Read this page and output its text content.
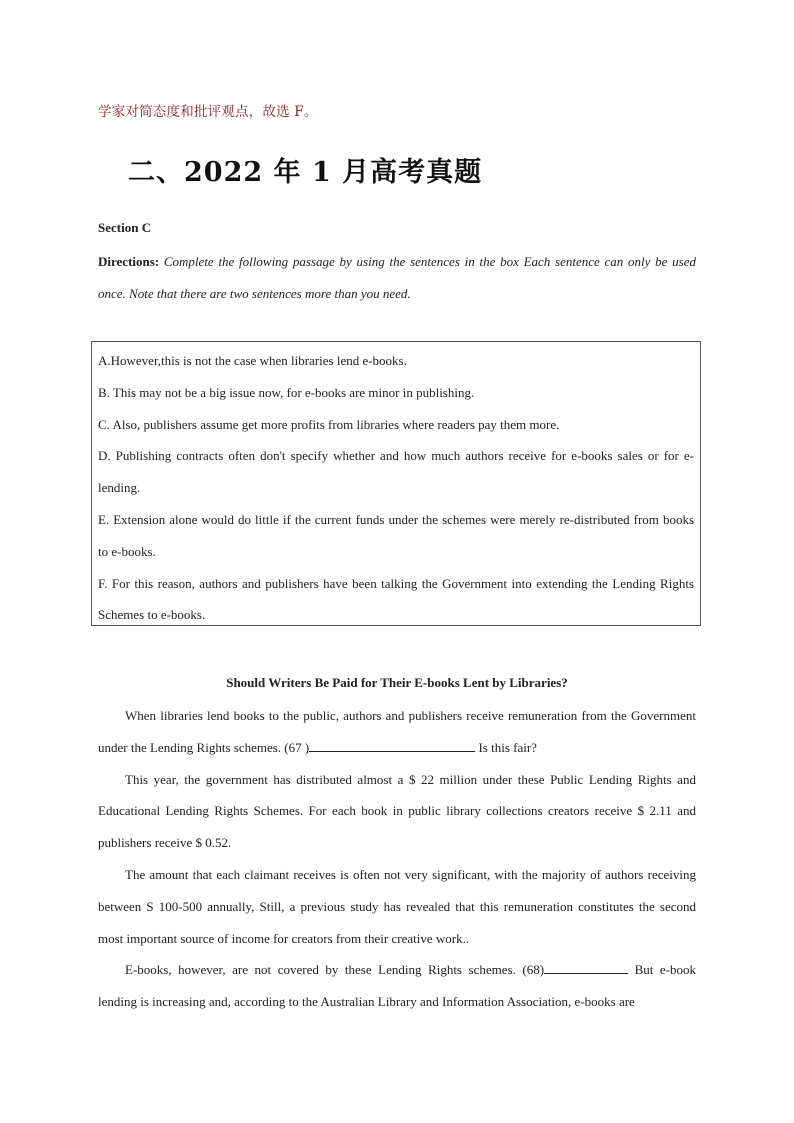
学家对简态度和批评观点，故选 F。
二、2022 年 1 月高考真题
Section C
Directions: Complete the following passage by using the sentences in the box Each sentence can only be used once. Note that there are two sentences more than you need.

A.However,this is not the case when libraries lend e-books.

B. This may not be a big issue now, for e-books are minor in publishing.

C. Also, publishers assume get more profits from libraries where readers pay them more.

D. Publishing contracts often don't specify whether and how much authors receive for e-books sales or for e-lending.

E. Extension alone would do little if the current funds under the schemes were merely re-distributed from books to e-books.

F. For this reason, authors and publishers have been talking the Government into extending the Lending Rights Schemes to e-books.

Should Writers Be Paid for Their E-books Lent by Libraries?

When libraries lend books to the public, authors and publishers receive remuneration from the Government under the Lending Rights schemes. (67 )	Is this fair?

This year, the government has distributed almost a $ 22 million under these Public Lending Rights and Educational Lending Rights Schemes. For each book in public library collections creators receive $ 2.11 and publishers receive $ 0.52.

The amount that each claimant receives is often not very significant, with the majority of authors receiving between S 100-500 annually, Still, a previous study has revealed that this remuneration constitutes the second most important source of income for creators from their creative work..

E-books, however, are not covered by these Lending Rights schemes. (68)	But e-book lending is increasing and, according to the Australian Library and Information Association, e-books are
